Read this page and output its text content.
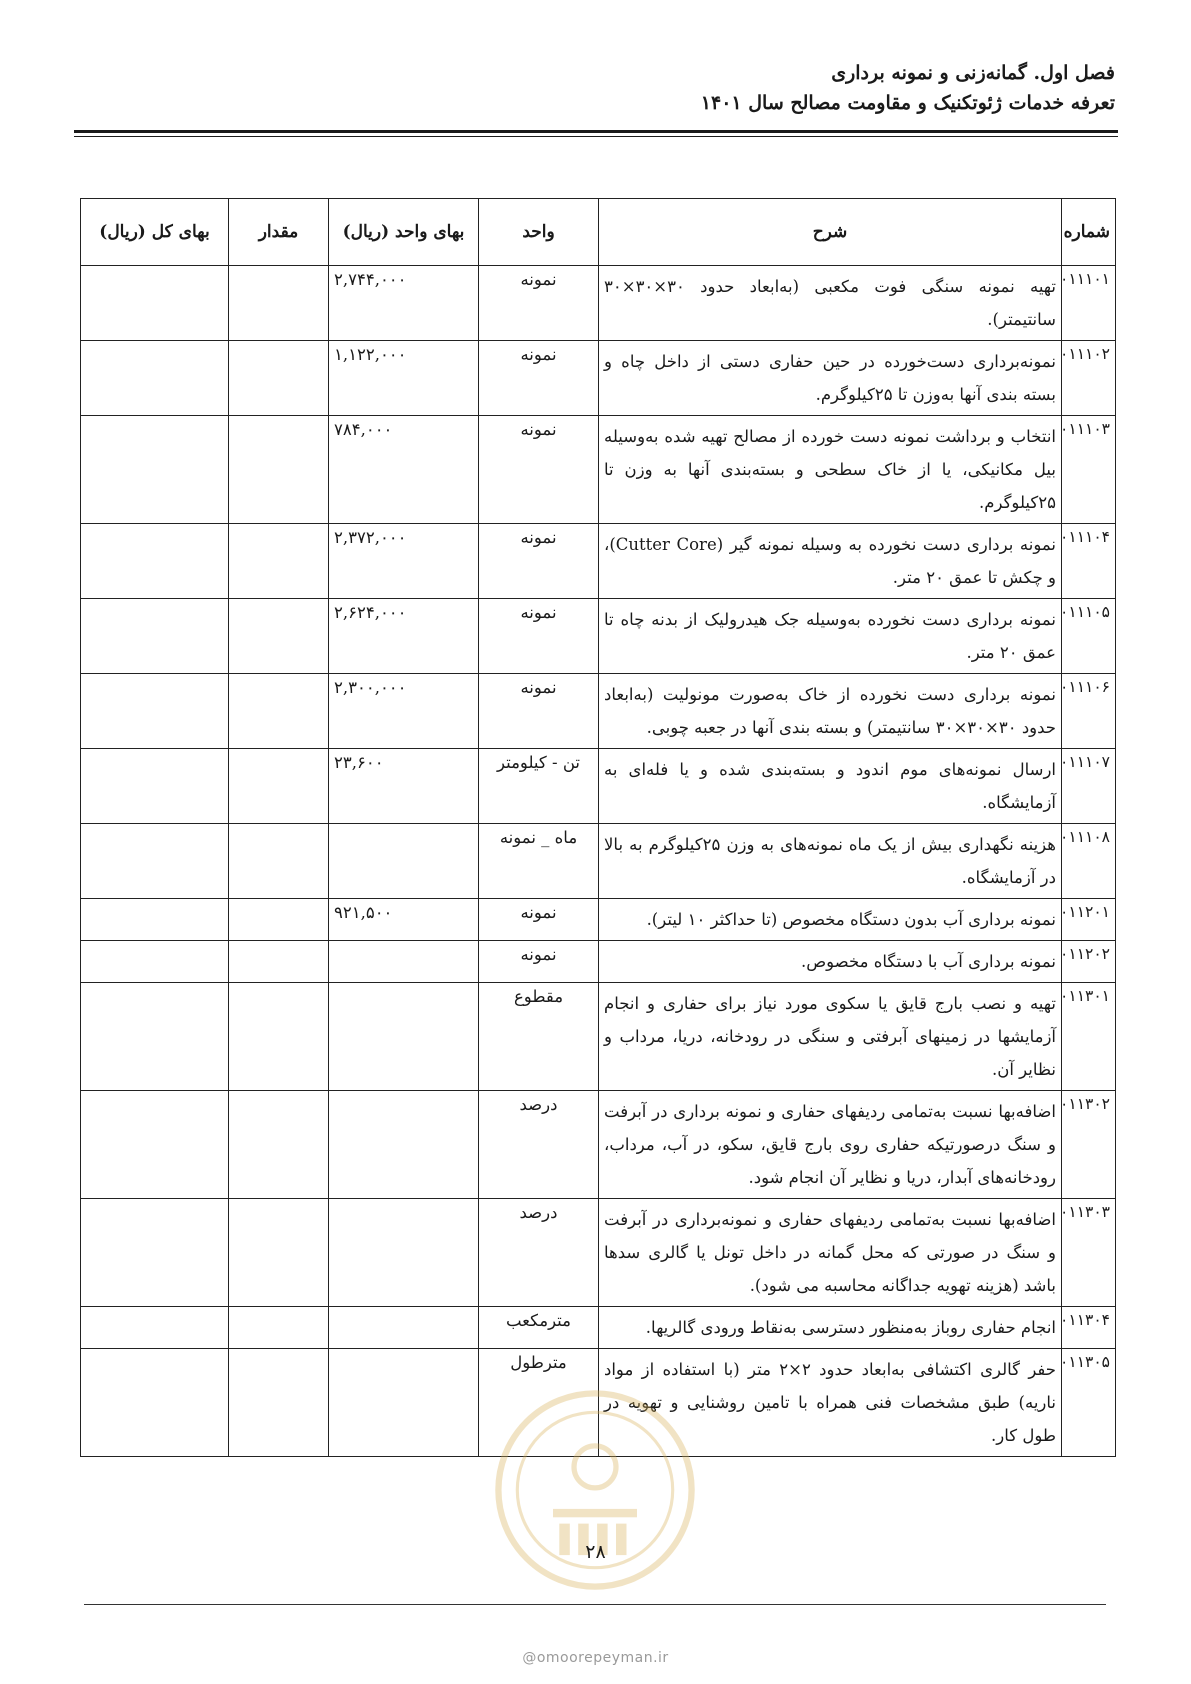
فصل اول. گمانه‌زنی و نمونه برداری
تعرفه خدمات ژئوتکنیک و مقاومت مصالح سال ۱۴۰۱
شماره	شرح	واحد	بهای واحد (ریال)	مقدار	بهای کل (ریال)
۰۱۱۱۰۱	تهیه نمونه سنگی فوت مکعبی (به‌ابعاد حدود ۳۰×۳۰×۳۰ سانتیمتر).	نمونه	۲,۷۴۴,۰۰۰		
۰۱۱۱۰۲	نمونه‌برداری دست‌خورده در حین حفاری دستی از داخل چاه و بسته بندی آنها به‌وزن تا ۲۵کیلوگرم.	نمونه	۱,۱۲۲,۰۰۰		
۰۱۱۱۰۳	انتخاب و برداشت نمونه دست خورده از مصالح تهیه شده به‌وسیله بیل مکانیکی، یا از خاک سطحی و بسته‌بندی آنها به وزن تا ۲۵کیلوگرم.	نمونه	۷۸۴,۰۰۰		
۰۱۱۱۰۴	نمونه برداری دست نخورده به وسیله نمونه گیر (Cutter Core)، و چکش تا عمق ۲۰ متر.	نمونه	۲,۳۷۲,۰۰۰		
۰۱۱۱۰۵	نمونه برداری دست نخورده به‌وسیله جک هیدرولیک از بدنه چاه تا عمق ۲۰ متر.	نمونه	۲,۶۲۴,۰۰۰		
۰۱۱۱۰۶	نمونه برداری دست نخورده از خاک به‌صورت مونولیت (به‌ابعاد حدود ۳۰×۳۰×۳۰ سانتیمتر) و بسته بندی آنها در جعبه چوبی.	نمونه	۲,۳۰۰,۰۰۰		
۰۱۱۱۰۷	ارسال نمونه‌های موم اندود و بسته‌بندی شده و یا فله‌ای به آزمایشگاه.	تن - کیلومتر	۲۳,۶۰۰		
۰۱۱۱۰۸	هزینه نگهداری بیش از یک ماه نمونه‌های به وزن ۲۵کیلوگرم به بالا در آزمایشگاه.	ماه _ نمونه			
۰۱۱۲۰۱	نمونه برداری آب بدون دستگاه مخصوص (تا حداکثر ۱۰ لیتر).	نمونه	۹۲۱,۵۰۰		
۰۱۱۲۰۲	نمونه برداری آب با دستگاه مخصوص.	نمونه			
۰۱۱۳۰۱	تهیه و نصب بارج قایق یا سکوی مورد نیاز برای حفاری و انجام آزمایشها در زمینهای آبرفتی و سنگی در رودخانه، دریا، مرداب و نظایر آن.	مقطوع			
۰۱۱۳۰۲	اضافه‌بها نسبت به‌تمامی ردیفهای حفاری و نمونه برداری در آبرفت و سنگ درصورتیکه حفاری روی بارج قایق، سکو، در آب، مرداب، رودخانه‌های آبدار، دریا و نظایر آن انجام شود.	درصد			
۰۱۱۳۰۳	اضافه‌بها نسبت به‌تمامی ردیفهای حفاری و نمونه‌برداری در آبرفت و سنگ در صورتی که محل گمانه در داخل تونل یا گالری سدها باشد (هزینه تهویه جداگانه محاسبه می شود).	درصد			
۰۱۱۳۰۴	انجام حفاری روباز به‌منظور دسترسی به‌نقاط ورودی گالریها.	مترمکعب			
۰۱۱۳۰۵	حفر گالری اکتشافی به‌ابعاد حدود ۲×۲ متر (با استفاده از مواد ناریه) طبق مشخصات فنی همراه با تامین روشنایی و تهویه در طول کار.	مترطول			
۲۸
@omoorepeyman.ir
